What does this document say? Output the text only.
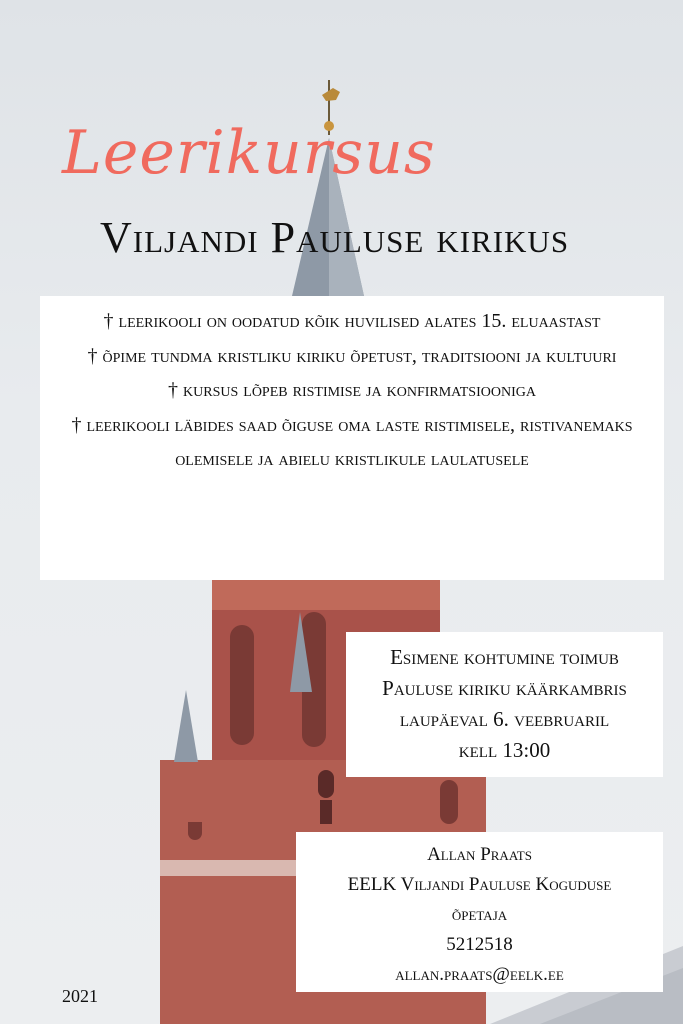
Leerikursus
Viljandi Pauluse kirikus

† leerikooli on oodatud kõik huvilised alates 15. eluaastast

† õpime tundma kristliku kiriku õpetust, traditsiooni ja kultuuri

† kursus lõpeb ristimise ja konfirmatsiooniga

† leerikooli läbides saad õiguse oma laste ristimisele, ristivanemaks olemisele ja abielu kristlikule laulatusele

Esimene kohtumine toimub
Pauluse kiriku käärkambris
laupäeval 6. veebruaril
kell 13:00
Allan Praats
EELK Viljandi Pauluse Koguduse
õpetaja
5212518
allan.praats@eelk.ee
2021
